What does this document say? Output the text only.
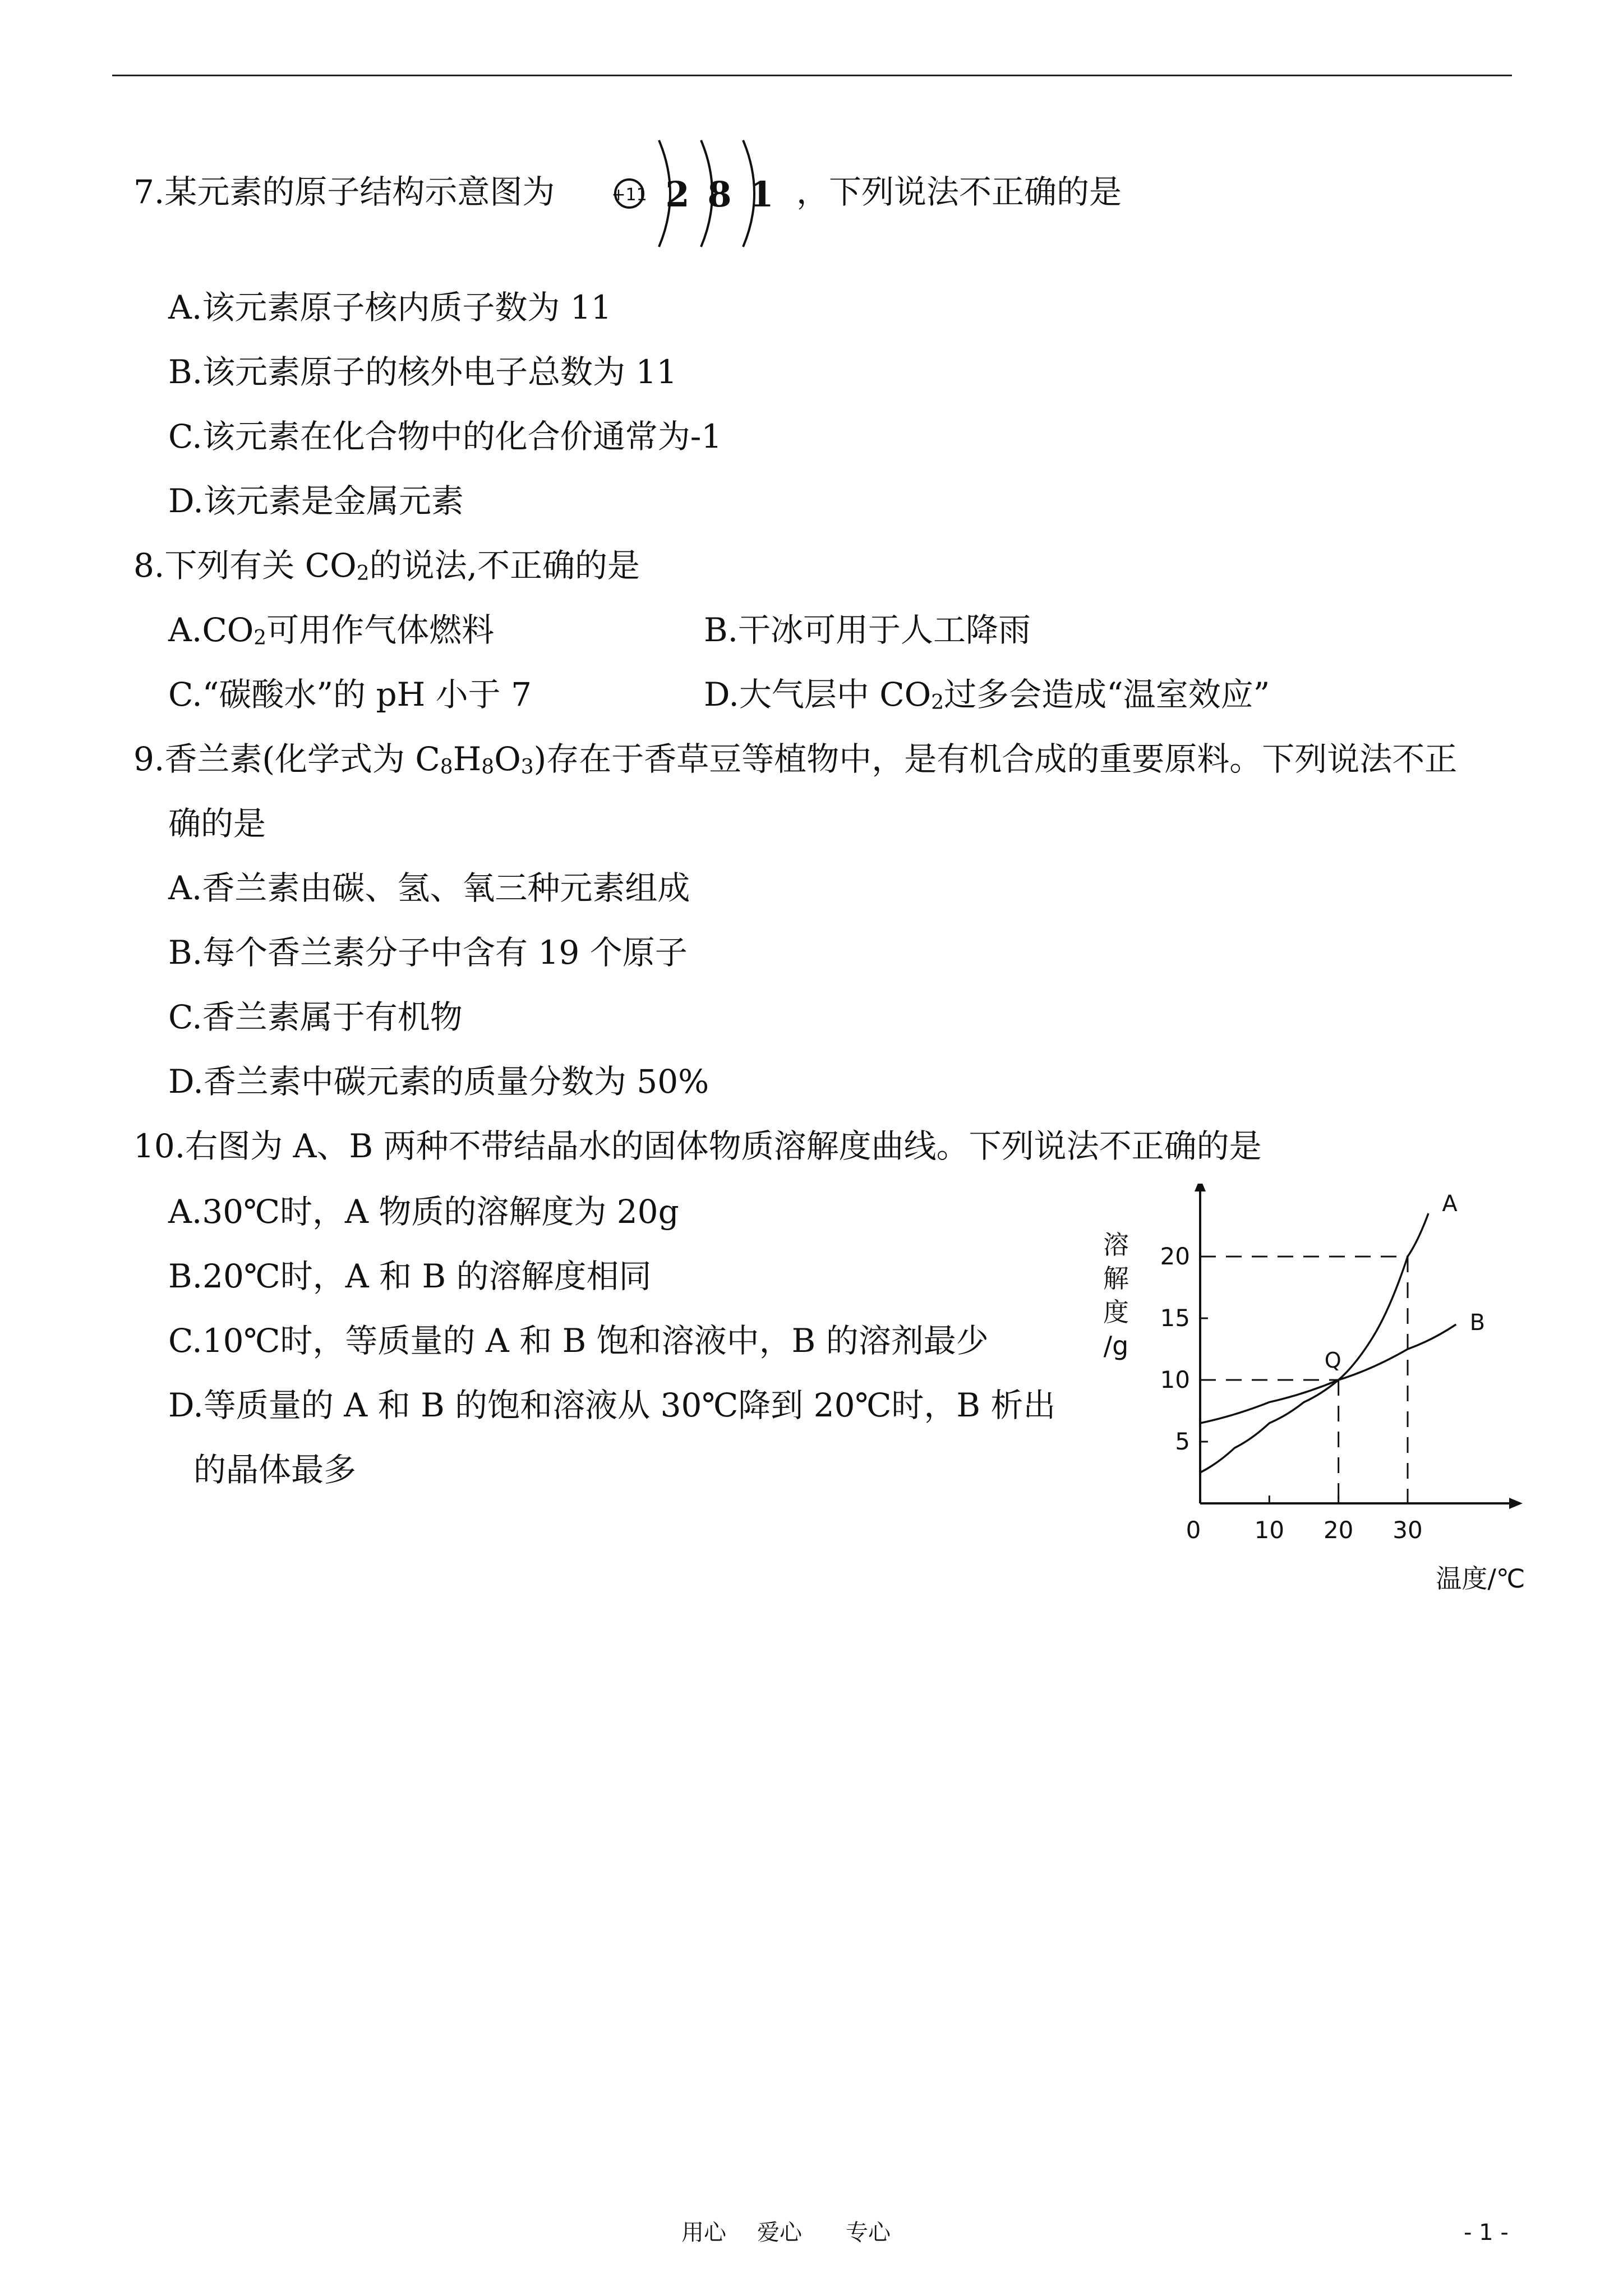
7.某元素的原子结构示意图为	+11 2 8 1 ，下列说法不正确的是
A.该元素原子核内质子数为 11
B.该元素原子的核外电子总数为 11
C.该元素在化合物中的化合价通常为-1
D.该元素是金属元素
8.下列有关 $CO_2$的说法,不正确的是
$A.CO_2$可用作气体燃料	B.干冰可用于人工降雨
C.“碳酸水”的 pH 小于 7	D.大气层中 $CO_2$过多会造成“温室效应”
9.香兰素(化学式为 $C_8H_8O_3$)存在于香草豆等植物中，是有机合成的重要原料。下列说法不正
确的是
A.香兰素由碳、氢、氧三种元素组成
B.每个香兰素分子中含有 19 个原子
C.香兰素属于有机物
D.香兰素中碳元素的质量分数为 50%
10.右图为 A、B 两种不带结晶水的固体物质溶解度曲线。下列说法不正确的是
A.30℃时，A 物质的溶解度为 20g
B.20℃时，A 和 B 的溶解度相同
C.10℃时，等质量的 A 和 B 饱和溶液中，B 的溶剂最少
D.等质量的 A 和 B 的饱和溶液从 30℃降到 20℃时，B 析出
的晶体最多
0 10 20 30
5
10
15
20
溶
解
度
/g
温度/℃
A
B
Q
用心 爱心 专心	- 1 -
